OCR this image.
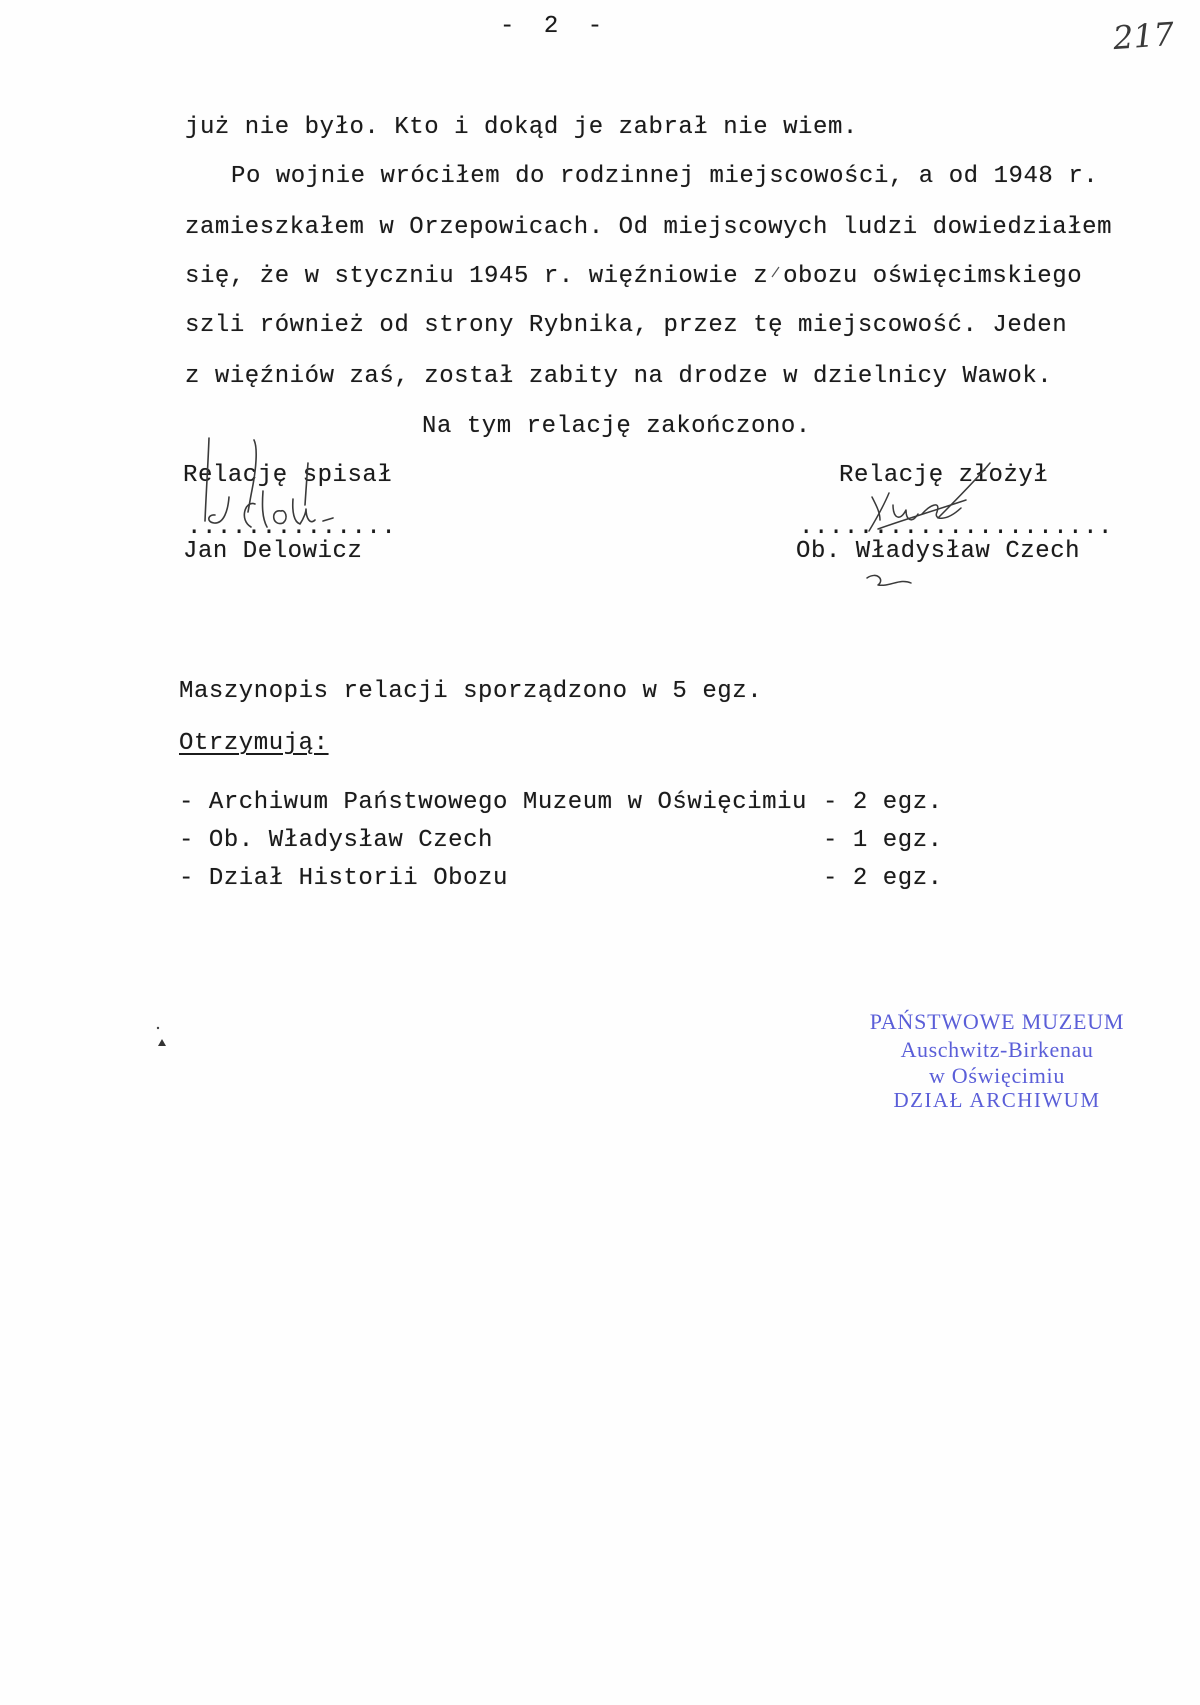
- 2 -	217
już nie było. Kto i dokąd je zabrał nie wiem.
Po wojnie wróciłem do rodzinnej miejscowości, a od 1948 r.
zamieszkałem w Orzepowicach. Od miejscowych ludzi dowiedziałem
się, że w styczniu 1945 r. więźniowie z obozu oświęcimskiego
szli również od strony Rybnika, przez tę miejscowość. Jeden
z więźniów zaś, został zabity na drodze w dzielnicy Wawok.
Na tym relację zakończono.
Relację spisał
..............
Jan Delowicz
Relację złożył
.....................
Ob. Władysław Czech
Maszynopis relacji sporządzono w 5 egz.
Otrzymują:
- Archiwum Państwowego Muzeum w Oświęcimiu - 2 egz.
- Ob. Władysław Czech	- 1 egz.
- Dział Historii Obozu	- 2 egz.
PAŃSTWOWE MUZEUM
Auschwitz-Birkenau
w Oświęcimiu
DZIAŁ ARCHIWUM
